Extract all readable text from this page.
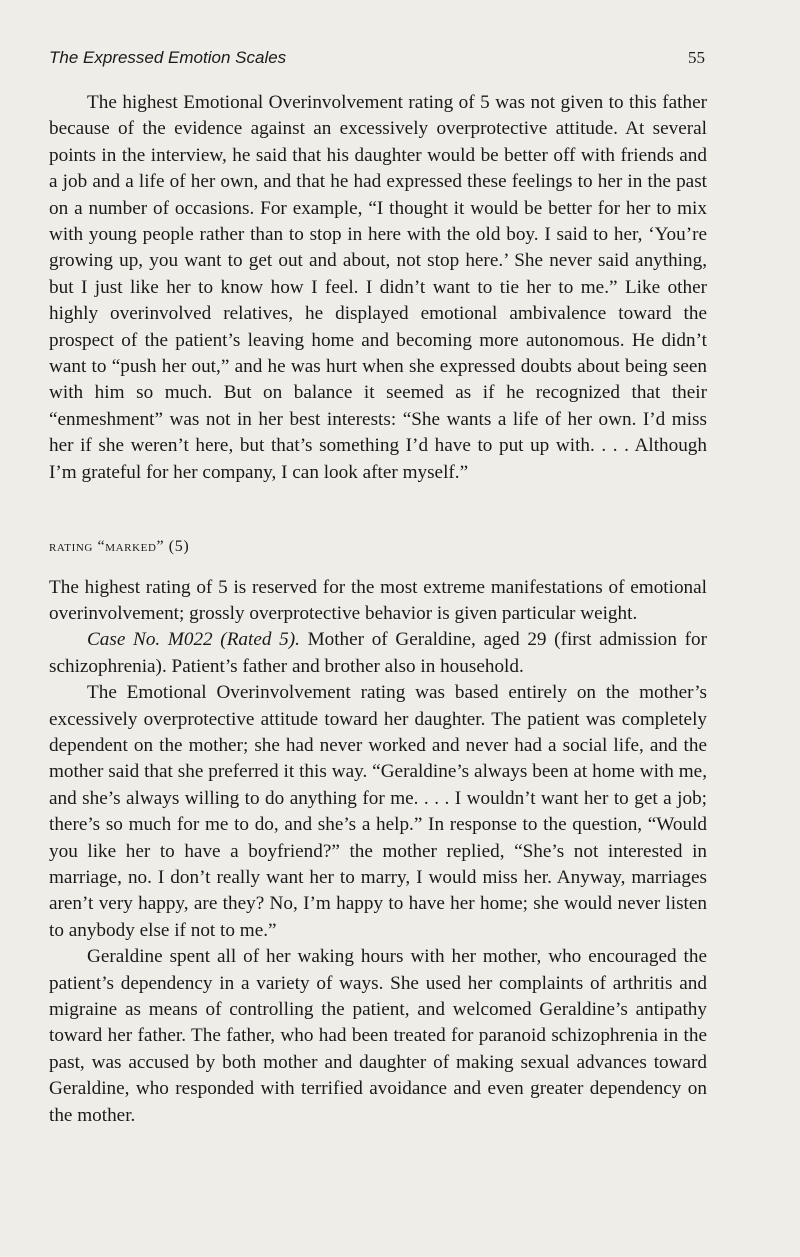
The Expressed Emotion Scales	55

The highest Emotional Overinvolvement rating of 5 was not given to this father because of the evidence against an excessively overprotective attitude. At several points in the interview, he said that his daughter would be better off with friends and a job and a life of her own, and that he had expressed these feelings to her in the past on a number of occasions. For example, “I thought it would be better for her to mix with young people rather than to stop in here with the old boy. I said to her, ‘You’re growing up, you want to get out and about, not stop here.’ She never said anything, but I just like her to know how I feel. I didn’t want to tie her to me.” Like other highly overinvolved relatives, he displayed emotional ambivalence toward the prospect of the patient’s leaving home and becoming more autonomous. He didn’t want to “push her out,” and he was hurt when she expressed doubts about being seen with him so much. But on balance it seemed as if he recognized that their “enmeshment” was not in her best interests: “She wants a life of her own. I’d miss her if she weren’t here, but that’s something I’d have to put up with. . . . Although I’m grateful for her company, I can look after myself.”

rating “marked” (5)

The highest rating of 5 is reserved for the most extreme manifestations of emotional overinvolvement; grossly overprotective behavior is given particular weight.

Case No. M022 (Rated 5). Mother of Geraldine, aged 29 (first admission for schizophrenia). Patient’s father and brother also in household.

The Emotional Overinvolvement rating was based entirely on the mother’s excessively overprotective attitude toward her daughter. The patient was completely dependent on the mother; she had never worked and never had a social life, and the mother said that she preferred it this way. “Geraldine’s always been at home with me, and she’s always willing to do anything for me. . . . I wouldn’t want her to get a job; there’s so much for me to do, and she’s a help.” In response to the question, “Would you like her to have a boyfriend?” the mother replied, “She’s not interested in marriage, no. I don’t really want her to marry, I would miss her. Anyway, marriages aren’t very happy, are they? No, I’m happy to have her home; she would never listen to anybody else if not to me.”

Geraldine spent all of her waking hours with her mother, who encouraged the patient’s dependency in a variety of ways. She used her complaints of arthritis and migraine as means of controlling the patient, and welcomed Geraldine’s antipathy toward her father. The father, who had been treated for paranoid schizophrenia in the past, was accused by both mother and daughter of making sexual advances toward Geraldine, who responded with terrified avoidance and even greater dependency on the mother.
